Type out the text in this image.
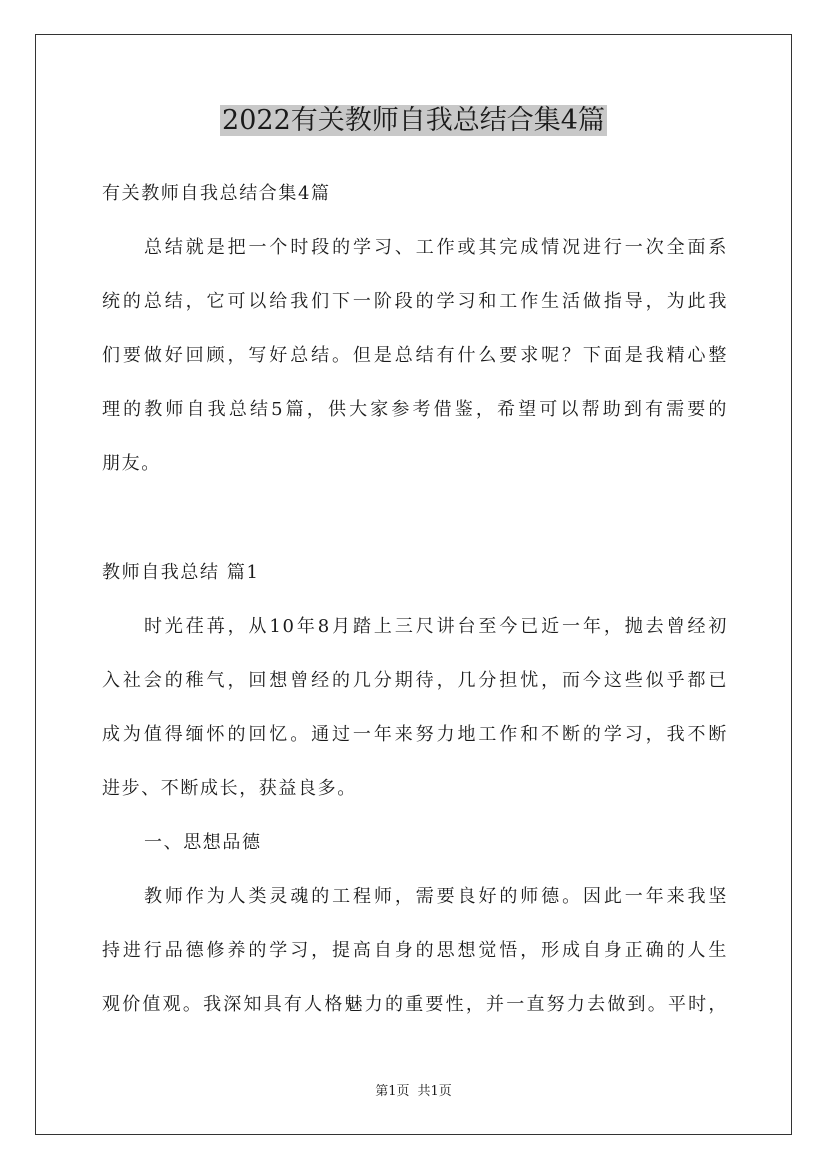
2022有关教师自我总结合集4篇
有关教师自我总结合集4篇
总结就是把一个时段的学习、工作或其完成情况进行一次全面系
统的总结，它可以给我们下一阶段的学习和工作生活做指导，为此我
们要做好回顾，写好总结。但是总结有什么要求呢？下面是我精心整
理的教师自我总结5篇，供大家参考借鉴，希望可以帮助到有需要的
朋友。
教师自我总结 篇1
时光荏苒，从10年8月踏上三尺讲台至今已近一年，抛去曾经初
入社会的稚气，回想曾经的几分期待，几分担忧，而今这些似乎都已
成为值得缅怀的回忆。通过一年来努力地工作和不断的学习，我不断
进步、不断成长，获益良多。
一、思想品德
教师作为人类灵魂的工程师，需要良好的师德。因此一年来我坚
持进行品德修养的学习，提高自身的思想觉悟，形成自身正确的人生
观价值观。我深知具有人格魅力的重要性，并一直努力去做到。平时，
第1页 共1页
